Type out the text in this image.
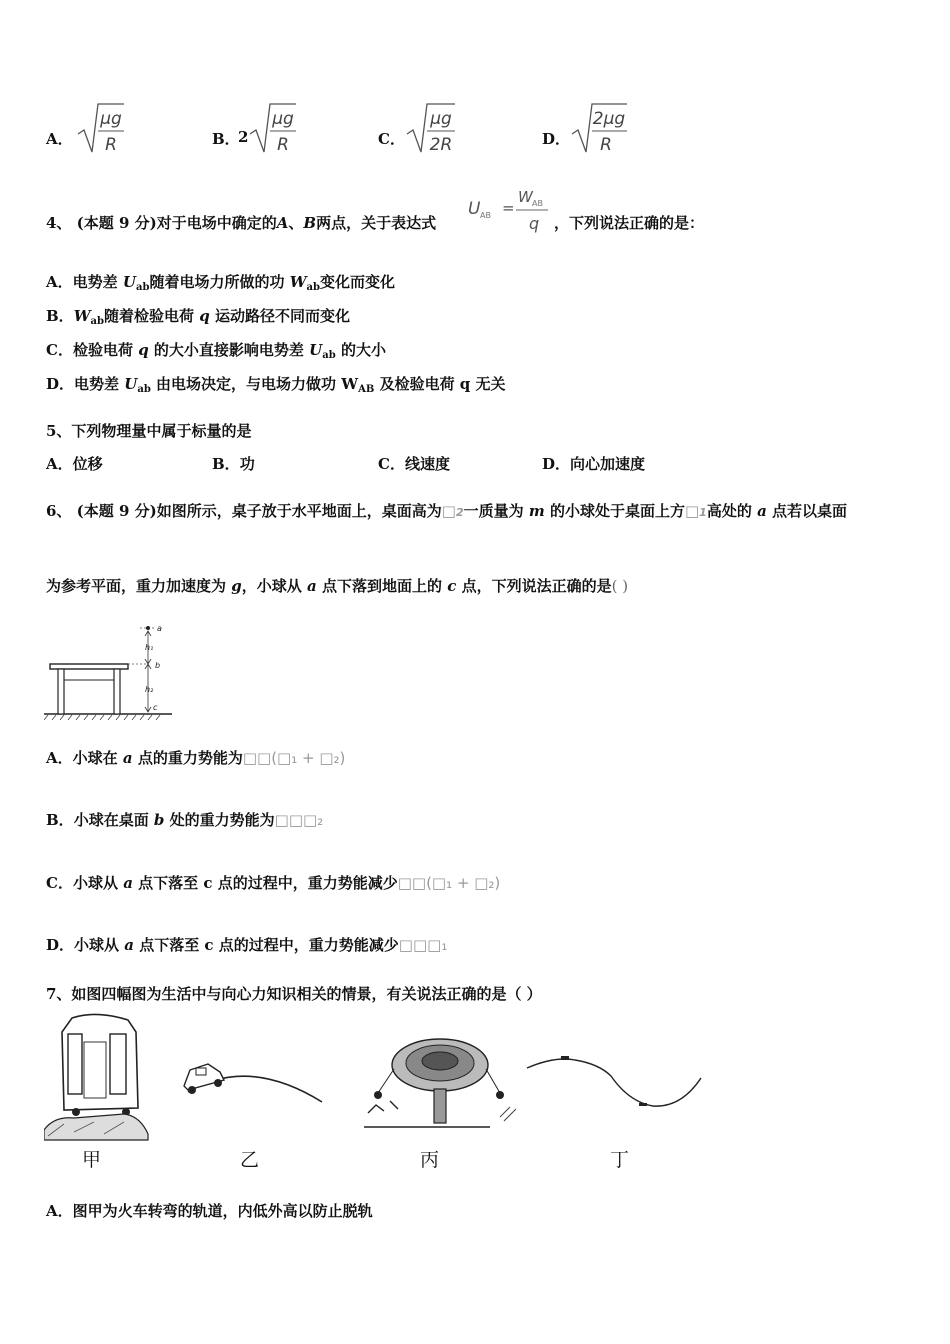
A．
μg
R	B．
2
μg
R	C．
μg
2R	D．
2μg
R
4、 (本题 9 分)对于电场中确定的A、B两点，关于表达式
U AB =
W AB
q ，下列说法正确的是：
A．电势差 $U_{ab}$随着电场力所做的功 $W_{ab}$变化而变化
B．$W_{ab}$随着检验电荷 q 运动路径不同而变化
C．检验电荷 q 的大小直接影响电势差 $U_{ab}$ 的大小
D．电势差 $U_{ab}$ 由电场决定，与电场力做功 $W_{AB}$ 及检验电荷 q 无关
5、下列物理量中属于标量的是
A．位移	B．功	C．线速度	D．向心加速度
6、 (本题 9 分)如图所示，桌子放于水平地面上，桌面高为□2一质量为 m 的小球处于桌面上方□1高处的 a 点若以桌面
为参考平面，重力加速度为 g，小球从 a 点下落到地面上的 c 点，下列说法正确的是( )
a
h₁
b
h₂
c
A．小球在 a 点的重力势能为□□(□₁ + □₂)
B．小球在桌面 b 处的重力势能为□□□₂
C．小球从 a 点下落至 c 点的过程中，重力势能减少□□(□₁ + □₂)
D．小球从 a 点下落至 c 点的过程中，重力势能减少□□□₁
7、如图四幅图为生活中与向心力知识相关的情景，有关说法正确的是（ ）
甲	乙	丙	丁
A．图甲为火车转弯的轨道，内低外高以防止脱轨
